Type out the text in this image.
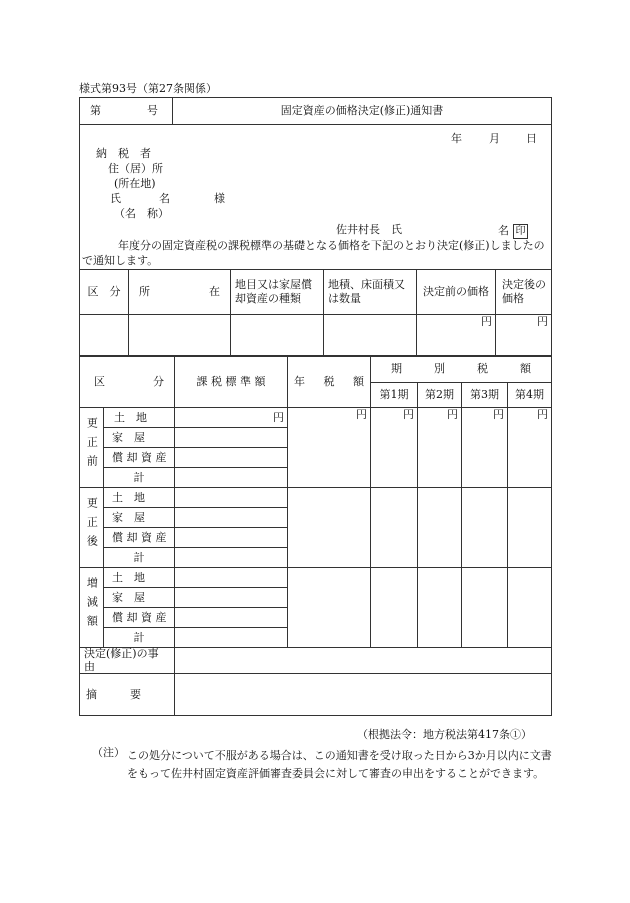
様式第93号（第27条関係）
第	号	固定資産の価格決定(修正)通知書
年 月 日
納　税　者
住（居）所
(所在地)
氏	名	様
（名　称）
佐井村長　氏	名 印
年度分の固定資産税の課税標準の基礎となる価格を下記のとおり決定(修正)しましたので通知します。
区　分	所 在	地目又は家屋償却資産の種類	地積、床面積又は数量	決定前の価格	決定後の価格
				円	円
区 分		課 税 標 準 額	年 税 額	期 別 税 額			

				第1期	第2期	第3期	第4期
更正前	土　地	円	円	円	円	円	円
	家　屋						
	償 却 資 産						
	計						
更正後	土　地						
	家　屋						
	償 却 資 産						
	計						
増減額	土　地						
	家　屋						
	償 却 資 産						
	計						
決定(修正)の事　　　由							

摘　　　要							

（根拠法令：地方税法第417条①）
（注） この処分について不服がある場合は、この通知書を受け取った日から3か月以内に文書をもって佐井村固定資産評価審査委員会に対して審査の申出をすることができます。
